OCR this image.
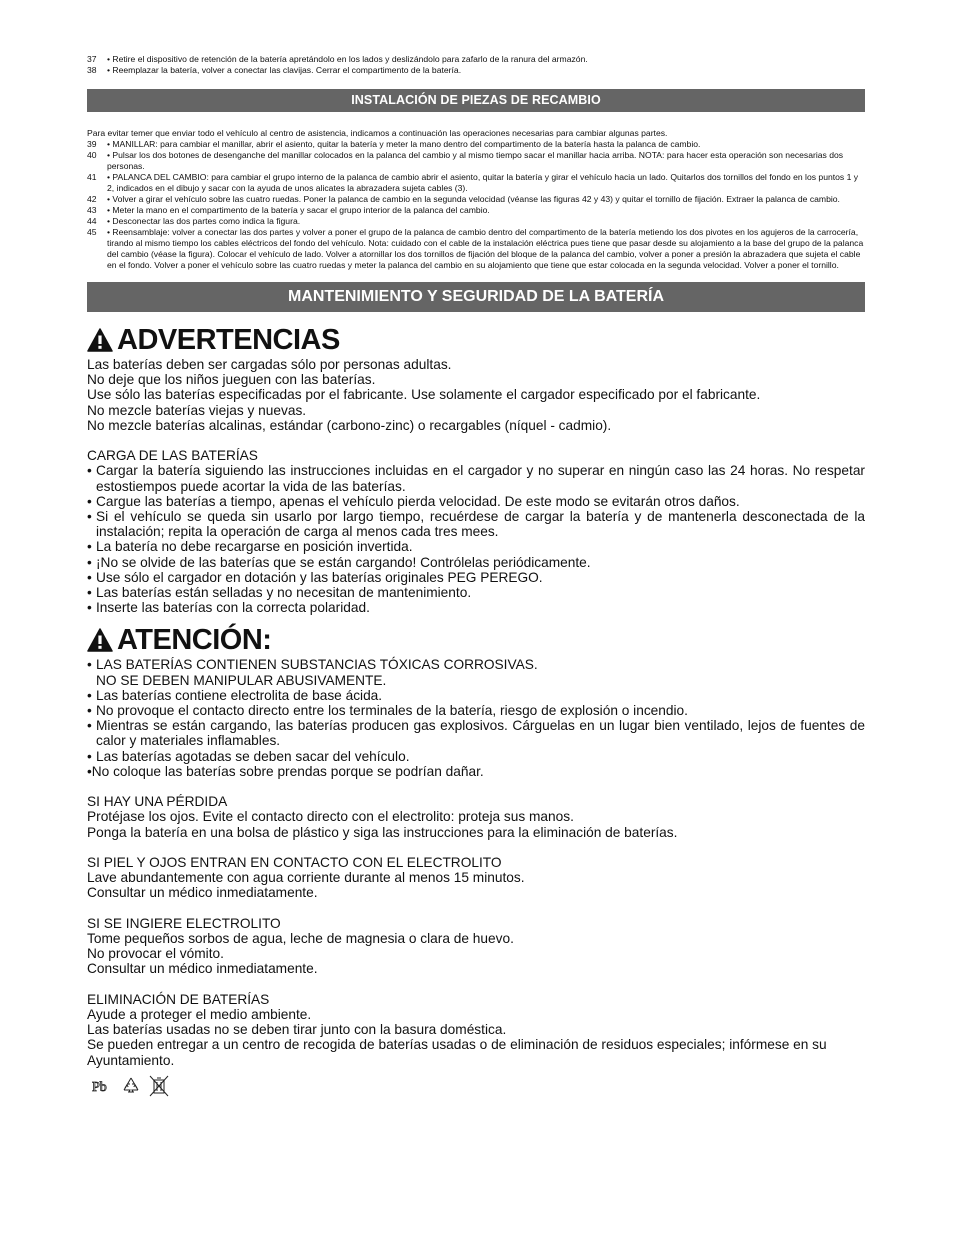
37	• Retire el dispositivo de retención de la batería apretándolo en los lados y deslizándolo para zafarlo de la ranura del armazón.
38	• Reemplazar la batería, volver a conectar las clavijas. Cerrar el compartimento de la batería.
INSTALACIÓN DE PIEZAS DE RECAMBIO
Para evitar temer que enviar todo el vehículo al centro de asistencia, indicamos a continuación las operaciones necesarias para cambiar algunas partes.
39	• MANILLAR: para cambiar el manillar, abrir el asiento, quitar la batería y meter la mano dentro del compartimento de la batería hasta la palanca de cambio.
40	• Pulsar los dos botones de desenganche del manillar colocados en la palanca del cambio y al mismo tiempo sacar el manillar hacia arriba. NOTA: para hacer esta operación son necesarias dos personas.
41	• PALANCA DEL CAMBIO: para cambiar el grupo interno de la palanca de cambio abrir el asiento, quitar la batería y girar el vehículo hacia un lado. Quitarlos dos tornillos del fondo en los puntos 1 y 2, indicados en el dibujo y sacar con la ayuda de unos alicates la abrazadera sujeta cables (3).
42	• Volver a girar el vehículo sobre las cuatro ruedas. Poner la palanca de cambio en la segunda velocidad (véanse las figuras 42 y 43) y quitar el tornillo de fijación. Extraer la palanca de cambio.
43	• Meter la mano en el compartimento de la batería y sacar el grupo interior de la palanca del cambio.
44	• Desconectar las dos partes como indica la figura.
45	• Reensamblaje: volver a conectar las dos partes y volver a poner el grupo de la palanca de cambio dentro del compartimento de la batería metiendo los dos pivotes en los agujeros de la carrocería, tirando al mismo tiempo los cables eléctricos del fondo del vehículo. Nota: cuidado con el cable de la instalación eléctrica pues tiene que pasar desde su alojamiento a la base del grupo de la palanca del cambio (véase la figura). Colocar el vehículo de lado. Volver a atornillar los dos tornillos de fijación del bloque de la palanca del cambio, volver a poner a presión la abrazadera que sujeta el cable en el fondo. Volver a poner el vehículo sobre las cuatro ruedas y meter la palanca del cambio en su alojamiento que tiene que estar colocada en la segunda velocidad. Volver a poner el tornillo.
MANTENIMIENTO Y SEGURIDAD DE LA BATERÍA
ADVERTENCIAS
Las baterías deben ser cargadas sólo por personas adultas.
No deje que los niños jueguen con las baterías.
Use sólo las baterías especificadas por el fabricante. Use solamente el cargador especificado por el fabricante.
No mezcle baterías viejas y nuevas.
No mezcle baterías alcalinas, estándar (carbono-zinc) o recargables (níquel - cadmio).
CARGA DE LAS BATERÍAS
• Cargar la batería siguiendo las instrucciones incluidas en el cargador y no superar en ningún caso las 24 horas. No respetar estostiempos puede acortar la vida de las baterías.
• Cargue las baterías a tiempo, apenas el vehículo pierda velocidad. De este modo se evitarán otros daños.
• Si el vehículo se queda sin usarlo por largo tiempo, recuérdese de cargar la batería y de mantenerla desconectada de la instalación; repita la operación de carga al menos cada tres mees.
• La batería no debe recargarse en posición invertida.
• ¡No se olvide de las baterías que se están cargando! Contrólelas periódicamente.
• Use sólo el cargador en dotación y las baterías originales PEG PEREGO.
• Las baterías están selladas y no necesitan de mantenimiento.
• Inserte las baterías con la correcta polaridad.
ATENCIÓN:
• LAS BATERÍAS CONTIENEN SUBSTANCIAS TÓXICAS CORROSIVAS.
NO SE DEBEN MANIPULAR ABUSIVAMENTE.
• Las baterías contiene electrolita de base ácida.
• No provoque el contacto directo entre los terminales de la batería, riesgo de explosión o incendio.
• Mientras se están cargando, las baterías producen gas explosivos. Cárguelas en un lugar bien ventilado, lejos de fuentes de calor y materiales inflamables.
• Las baterías agotadas se deben sacar del vehículo.
•No coloque las baterías sobre prendas porque se podrían dañar.
SI HAY UNA PÉRDIDA
Protéjase los ojos. Evite el contacto directo con el electrolito: proteja sus manos.
Ponga la batería en una bolsa de plástico y siga las instrucciones para la eliminación de baterías.
SI PIEL Y OJOS ENTRAN EN CONTACTO CON EL ELECTROLITO
Lave abundantemente con agua corriente durante al menos 15 minutos.
Consultar un médico inmediatamente.
SI SE INGIERE ELECTROLITO
Tome pequeños sorbos de agua, leche de magnesia o clara de huevo.
No provocar el vómito.
Consultar un médico inmediatamente.
ELIMINACIÓN DE BATERÍAS
Ayude a proteger el medio ambiente.
Las baterías usadas no se deben tirar junto con la basura doméstica.
Se pueden entregar a un centro de recogida de baterías usadas o de eliminación de residuos especiales; infórmese en su Ayuntamiento.
Pb
